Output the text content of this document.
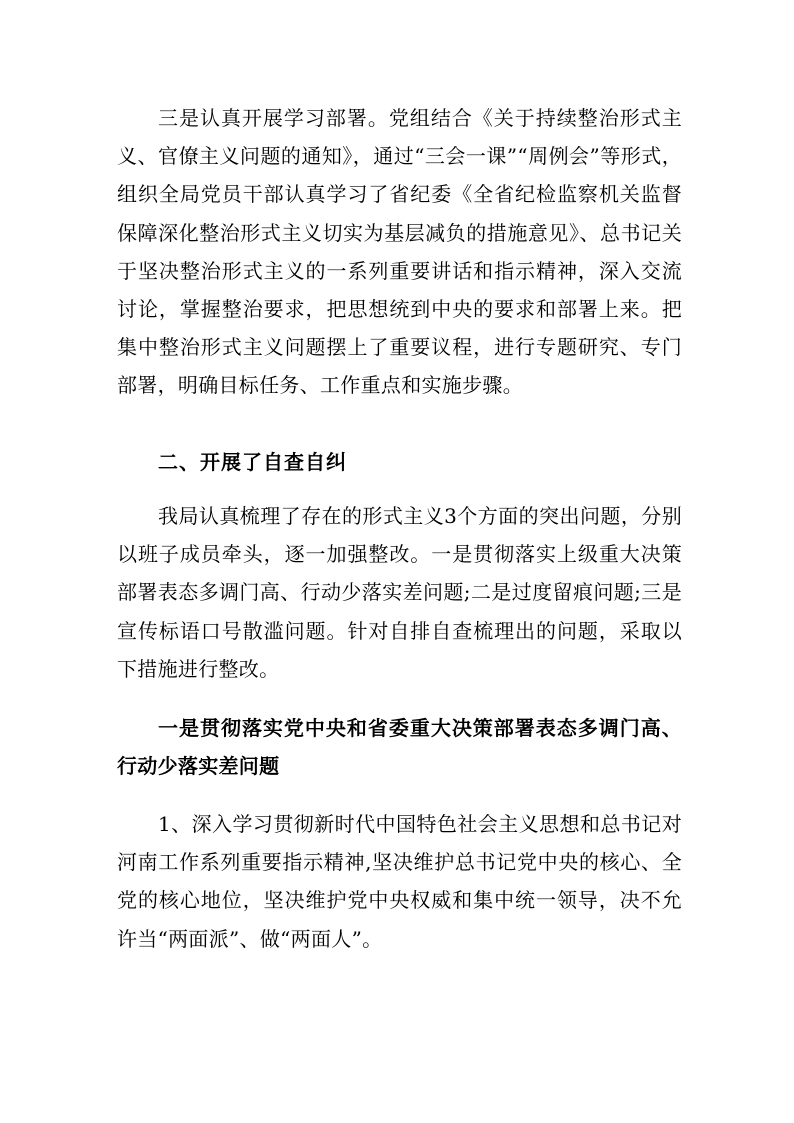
三是认真开展学习部署。党组结合《关于持续整治形式主义、官僚主义问题的通知》，通过“三会一课”“周例会”等形式，组织全局党员干部认真学习了省纪委《全省纪检监察机关监督保障深化整治形式主义切实为基层减负的措施意见》、总书记关于坚决整治形式主义的一系列重要讲话和指示精神，深入交流讨论，掌握整治要求，把思想统到中央的要求和部署上来。把集中整治形式主义问题摆上了重要议程，进行专题研究、专门部署，明确目标任务、工作重点和实施步骤。

二、开展了自查自纠

我局认真梳理了存在的形式主义3个方面的突出问题，分别以班子成员牵头，逐一加强整改。一是贯彻落实上级重大决策部署表态多调门高、行动少落实差问题;二是过度留痕问题;三是宣传标语口号散滥问题。针对自排自查梳理出的问题，采取以下措施进行整改。

一是贯彻落实党中央和省委重大决策部署表态多调门高、行动少落实差问题

1、深入学习贯彻新时代中国特色社会主义思想和总书记对河南工作系列重要指示精神,坚决维护总书记党中央的核心、全党的核心地位，坚决维护党中央权威和集中统一领导，决不允许当“两面派”、做“两面人”。
